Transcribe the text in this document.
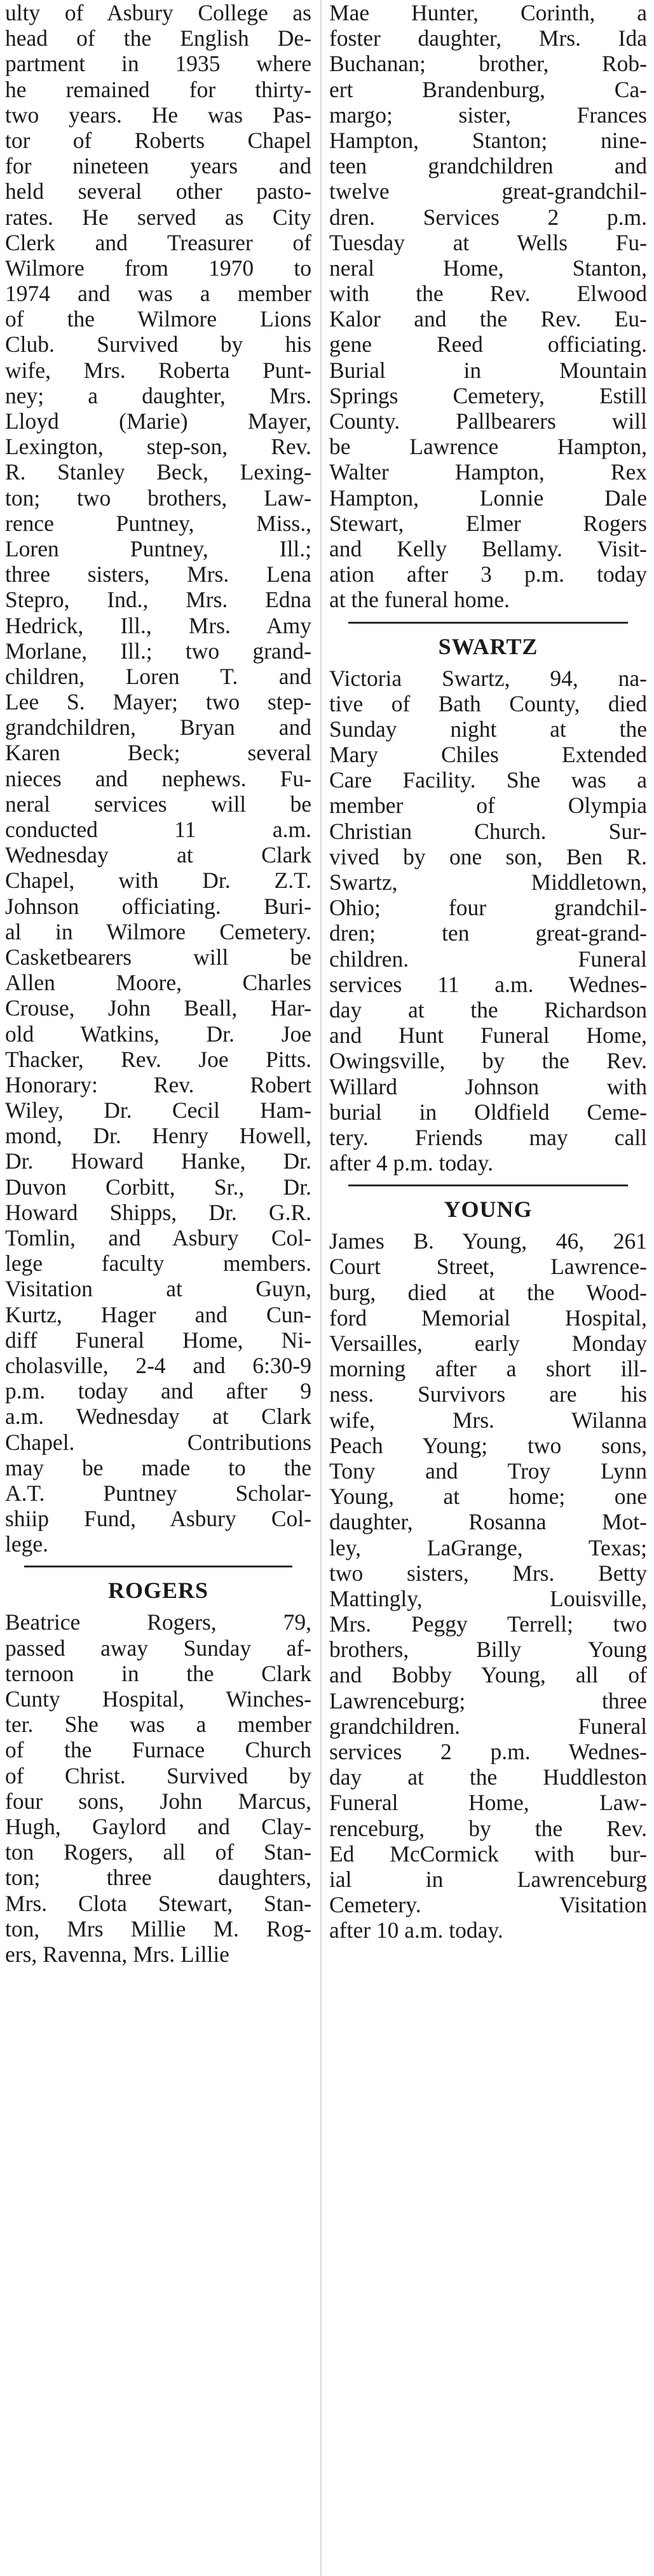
ulty of Asbury College as
head of the English De-
partment in 1935 where
he remained for thirty-
two years. He was Pas-
tor of Roberts Chapel
for nineteen years and
held several other pasto-
rates. He served as City
Clerk and Treasurer of
Wilmore from 1970 to
1974 and was a member
of the Wilmore Lions
Club. Survived by his
wife, Mrs. Roberta Punt-
ney; a daughter, Mrs.
Lloyd (Marie) Mayer,
Lexington, step-son, Rev.
R. Stanley Beck, Lexing-
ton; two brothers, Law-
rence Puntney, Miss.,
Loren Puntney, Ill.;
three sisters, Mrs. Lena
Stepro, Ind., Mrs. Edna
Hedrick, Ill., Mrs. Amy
Morlane, Ill.; two grand-
children, Loren T. and
Lee S. Mayer; two step-
grandchildren, Bryan and
Karen Beck; several
nieces and nephews. Fu-
neral services will be
conducted 11 a.m.
Wednesday at Clark
Chapel, with Dr. Z.T.
Johnson officiating. Buri-
al in Wilmore Cemetery.
Casketbearers will be
Allen Moore, Charles
Crouse, John Beall, Har-
old Watkins, Dr. Joe
Thacker, Rev. Joe Pitts.
Honorary: Rev. Robert
Wiley, Dr. Cecil Ham-
mond, Dr. Henry Howell,
Dr. Howard Hanke, Dr.
Duvon Corbitt, Sr., Dr.
Howard Shipps, Dr. G.R.
Tomlin, and Asbury Col-
lege faculty members.
Visitation at Guyn,
Kurtz, Hager and Cun-
diff Funeral Home, Ni-
cholasville, 2-4 and 6:30-9
p.m. today and after 9
a.m. Wednesday at Clark
Chapel. Contributions
may be made to the
A.T. Puntney Scholar-
shiip Fund, Asbury Col-
lege.
ROGERS
Beatrice Rogers, 79,
passed away Sunday af-
ternoon in the Clark
Cunty Hospital, Winches-
ter. She was a member
of the Furnace Church
of Christ. Survived by
four sons, John Marcus,
Hugh, Gaylord and Clay-
ton Rogers, all of Stan-
ton; three daughters,
Mrs. Clota Stewart, Stan-
ton, Mrs Millie M. Rog-
ers, Ravenna, Mrs. Lillie
Mae Hunter, Corinth, a
foster daughter, Mrs. Ida
Buchanan; brother, Rob-
ert Brandenburg, Ca-
margo; sister, Frances
Hampton, Stanton; nine-
teen grandchildren and
twelve great-grandchil-
dren. Services 2 p.m.
Tuesday at Wells Fu-
neral Home, Stanton,
with the Rev. Elwood
Kalor and the Rev. Eu-
gene Reed officiating.
Burial in Mountain
Springs Cemetery, Estill
County. Pallbearers will
be Lawrence Hampton,
Walter Hampton, Rex
Hampton, Lonnie Dale
Stewart, Elmer Rogers
and Kelly Bellamy. Visit-
ation after 3 p.m. today
at the funeral home.
SWARTZ
Victoria Swartz, 94, na-
tive of Bath County, died
Sunday night at the
Mary Chiles Extended
Care Facility. She was a
member of Olympia
Christian Church. Sur-
vived by one son, Ben R.
Swartz, Middletown,
Ohio; four grandchil-
dren; ten great-grand-
children. Funeral
services 11 a.m. Wednes-
day at the Richardson
and Hunt Funeral Home,
Owingsville, by the Rev.
Willard Johnson with
burial in Oldfield Ceme-
tery. Friends may call
after 4 p.m. today.
YOUNG
James B. Young, 46, 261
Court Street, Lawrence-
burg, died at the Wood-
ford Memorial Hospital,
Versailles, early Monday
morning after a short ill-
ness. Survivors are his
wife, Mrs. Wilanna
Peach Young; two sons,
Tony and Troy Lynn
Young, at home; one
daughter, Rosanna Mot-
ley, LaGrange, Texas;
two sisters, Mrs. Betty
Mattingly, Louisville,
Mrs. Peggy Terrell; two
brothers, Billy Young
and Bobby Young, all of
Lawrenceburg; three
grandchildren. Funeral
services 2 p.m. Wednes-
day at the Huddleston
Funeral Home, Law-
renceburg, by the Rev.
Ed McCormick with bur-
ial in Lawrenceburg
Cemetery. Visitation
after 10 a.m. today.
